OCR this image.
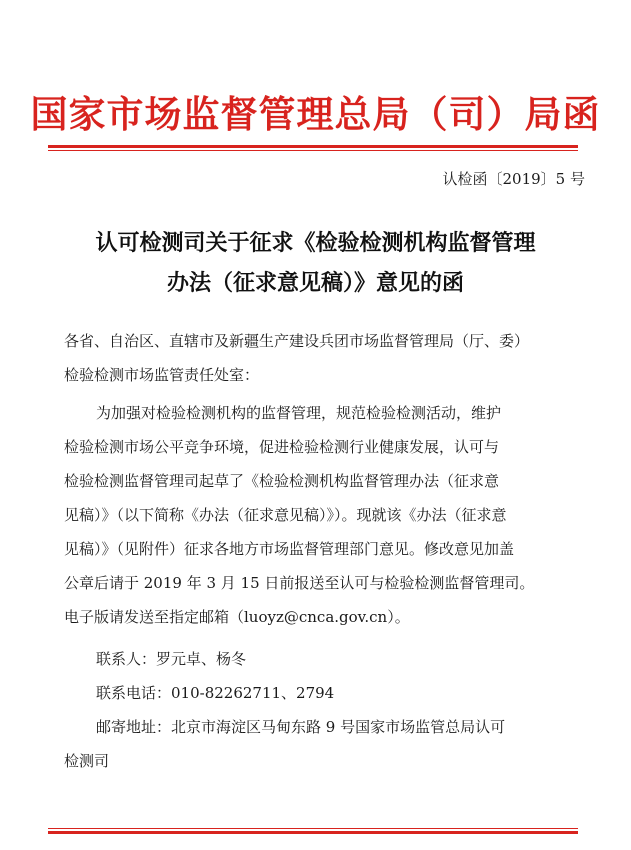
国家市场监督管理总局（司）局函
认检函〔2019〕5 号
认可检测司关于征求《检验检测机构监督管理
办法（征求意见稿）》意见的函
各省、自治区、直辖市及新疆生产建设兵团市场监督管理局（厅、委）
检验检测市场监管责任处室：
为加强对检验检测机构的监督管理，规范检验检测活动，维护
检验检测市场公平竞争环境，促进检验检测行业健康发展，认可与
检验检测监督管理司起草了《检验检测机构监督管理办法（征求意
见稿）》（以下简称《办法（征求意见稿）》）。现就该《办法（征求意
见稿）》（见附件）征求各地方市场监督管理部门意见。修改意见加盖
公章后请于 2019 年 3 月 15 日前报送至认可与检验检测监督管理司。
电子版请发送至指定邮箱（luoyz@cnca.gov.cn）。
联系人：罗元卓、杨冬
联系电话：010-82262711、2794
邮寄地址：北京市海淀区马甸东路 9 号国家市场监管总局认可
检测司
